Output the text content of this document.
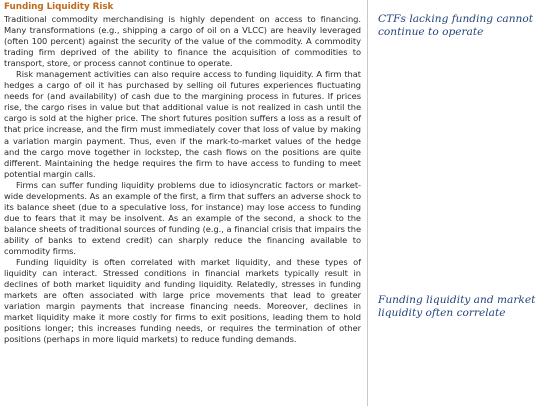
Funding Liquidity Risk

Traditional commodity merchandising is highly dependent on access to financing. Many transformations (e.g., shipping a cargo of oil on a VLCC) are heavily leveraged (often 100 percent) against the security of the value of the commodity. A commodity trading firm deprived of the ability to finance the acquisition of commodities to transport, store, or process cannot continue to operate.

Risk management activities can also require access to funding liquidity. A firm that hedges a cargo of oil it has purchased by selling oil futures experiences fluctuating needs for (and availability) of cash due to the margining process in futures. If prices rise, the cargo rises in value but that additional value is not realized in cash until the cargo is sold at the higher price. The short futures position suffers a loss as a result of that price increase, and the firm must immediately cover that loss of value by making a variation margin payment. Thus, even if the mark-to-market values of the hedge and the cargo move together in lockstep, the cash flows on the positions are quite different. Maintaining the hedge requires the firm to have access to funding to meet potential margin calls.

Firms can suffer funding liquidity problems due to idiosyncratic factors or market-wide developments. As an example of the first, a firm that suffers an adverse shock to its balance sheet (due to a speculative loss, for instance) may lose access to funding due to fears that it may be insolvent. As an example of the second, a shock to the balance sheets of traditional sources of funding (e.g., a financial crisis that impairs the ability of banks to extend credit) can sharply reduce the financing available to commodity firms.

Funding liquidity is often correlated with market liquidity, and these types of liquidity can interact. Stressed conditions in financial markets typically result in declines of both market liquidity and funding liquidity. Relatedly, stresses in funding markets are often associated with large price movements that lead to greater variation margin payments that increase financing needs. Moreover, declines in market liquidity make it more costly for firms to exit positions, leading them to hold positions longer; this increases funding needs, or requires the termination of other positions (perhaps in more liquid markets) to reduce funding demands.

CTFs lacking funding cannot continue to operate
Funding liquidity and market liquidity often correlate
